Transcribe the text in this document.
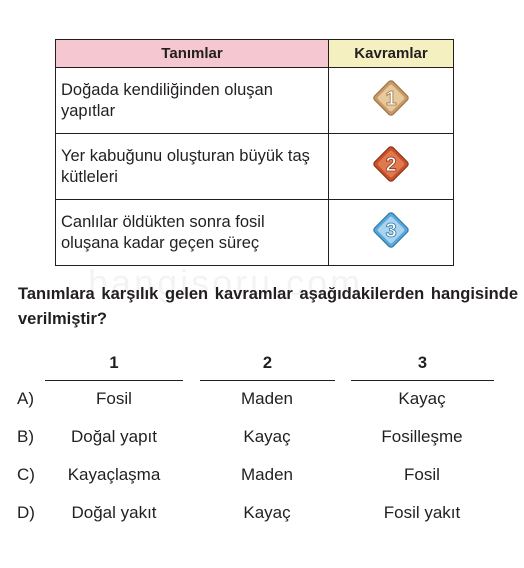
Tanımlar	Kavramlar
Doğada kendiliğinden oluşan yapıtlar	1

Yer kabuğunu oluşturan büyük taş kütleleri	2

Canlılar öldükten sonra fosil oluşana kadar geçen süreç	3
Tanımlara karşılık gelen kavramlar aşağıdakilerden hangisinde verilmiştir?
1	2	3
A)	Fosil	Maden	Kayaç
B) Doğal yapıt	Kayaç	Fosilleşme
C) Kayaçlaşma	Maden	Fosil
D) Doğal yakıt	Kayaç	Fosil yakıt
